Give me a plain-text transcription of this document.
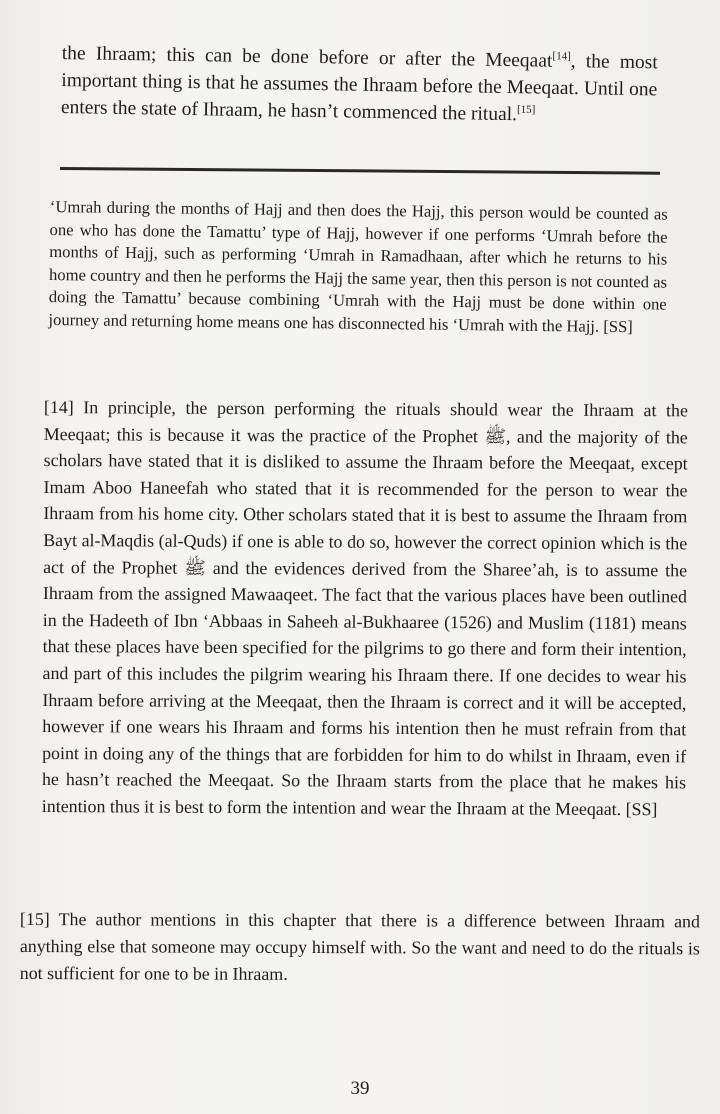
the Ihraam; this can be done before or after the Meeqaat[14], the most important thing is that he assumes the Ihraam before the Meeqaat. Until one enters the state of Ihraam, he hasn’t commenced the ritual.[15]

‘Umrah during the months of Hajj and then does the Hajj, this person would be counted as one who has done the Tamattu’ type of Hajj, however if one performs ‘Umrah before the months of Hajj, such as performing ‘Umrah in Ramadhaan, after which he returns to his home country and then he performs the Hajj the same year, then this person is not counted as doing the Tamattu’ because combining ‘Umrah with the Hajj must be done within one journey and returning home means one has disconnected his ‘Umrah with the Hajj. [SS]

[14] In principle, the person performing the rituals should wear the Ihraam at the Meeqaat; this is because it was the practice of the Prophet ﷺ, and the majority of the scholars have stated that it is disliked to assume the Ihraam before the Meeqaat, except Imam Aboo Haneefah who stated that it is recommended for the person to wear the Ihraam from his home city. Other scholars stated that it is best to assume the Ihraam from Bayt al-Maqdis (al-Quds) if one is able to do so, however the correct opinion which is the act of the Prophet ﷺ and the evidences derived from the Sharee’ah, is to assume the Ihraam from the assigned Mawaaqeet. The fact that the various places have been outlined in the Hadeeth of Ibn ‘Abbaas in Saheeh al-Bukhaaree (1526) and Muslim (1181) means that these places have been specified for the pilgrims to go there and form their intention, and part of this includes the pilgrim wearing his Ihraam there. If one decides to wear his Ihraam before arriving at the Meeqaat, then the Ihraam is correct and it will be accepted, however if one wears his Ihraam and forms his intention then he must refrain from that point in doing any of the things that are forbidden for him to do whilst in Ihraam, even if he hasn’t reached the Meeqaat. So the Ihraam starts from the place that he makes his intention thus it is best to form the intention and wear the Ihraam at the Meeqaat. [SS]

[15] The author mentions in this chapter that there is a difference between Ihraam and anything else that someone may occupy himself with. So the want and need to do the rituals is not sufficient for one to be in Ihraam.

39
